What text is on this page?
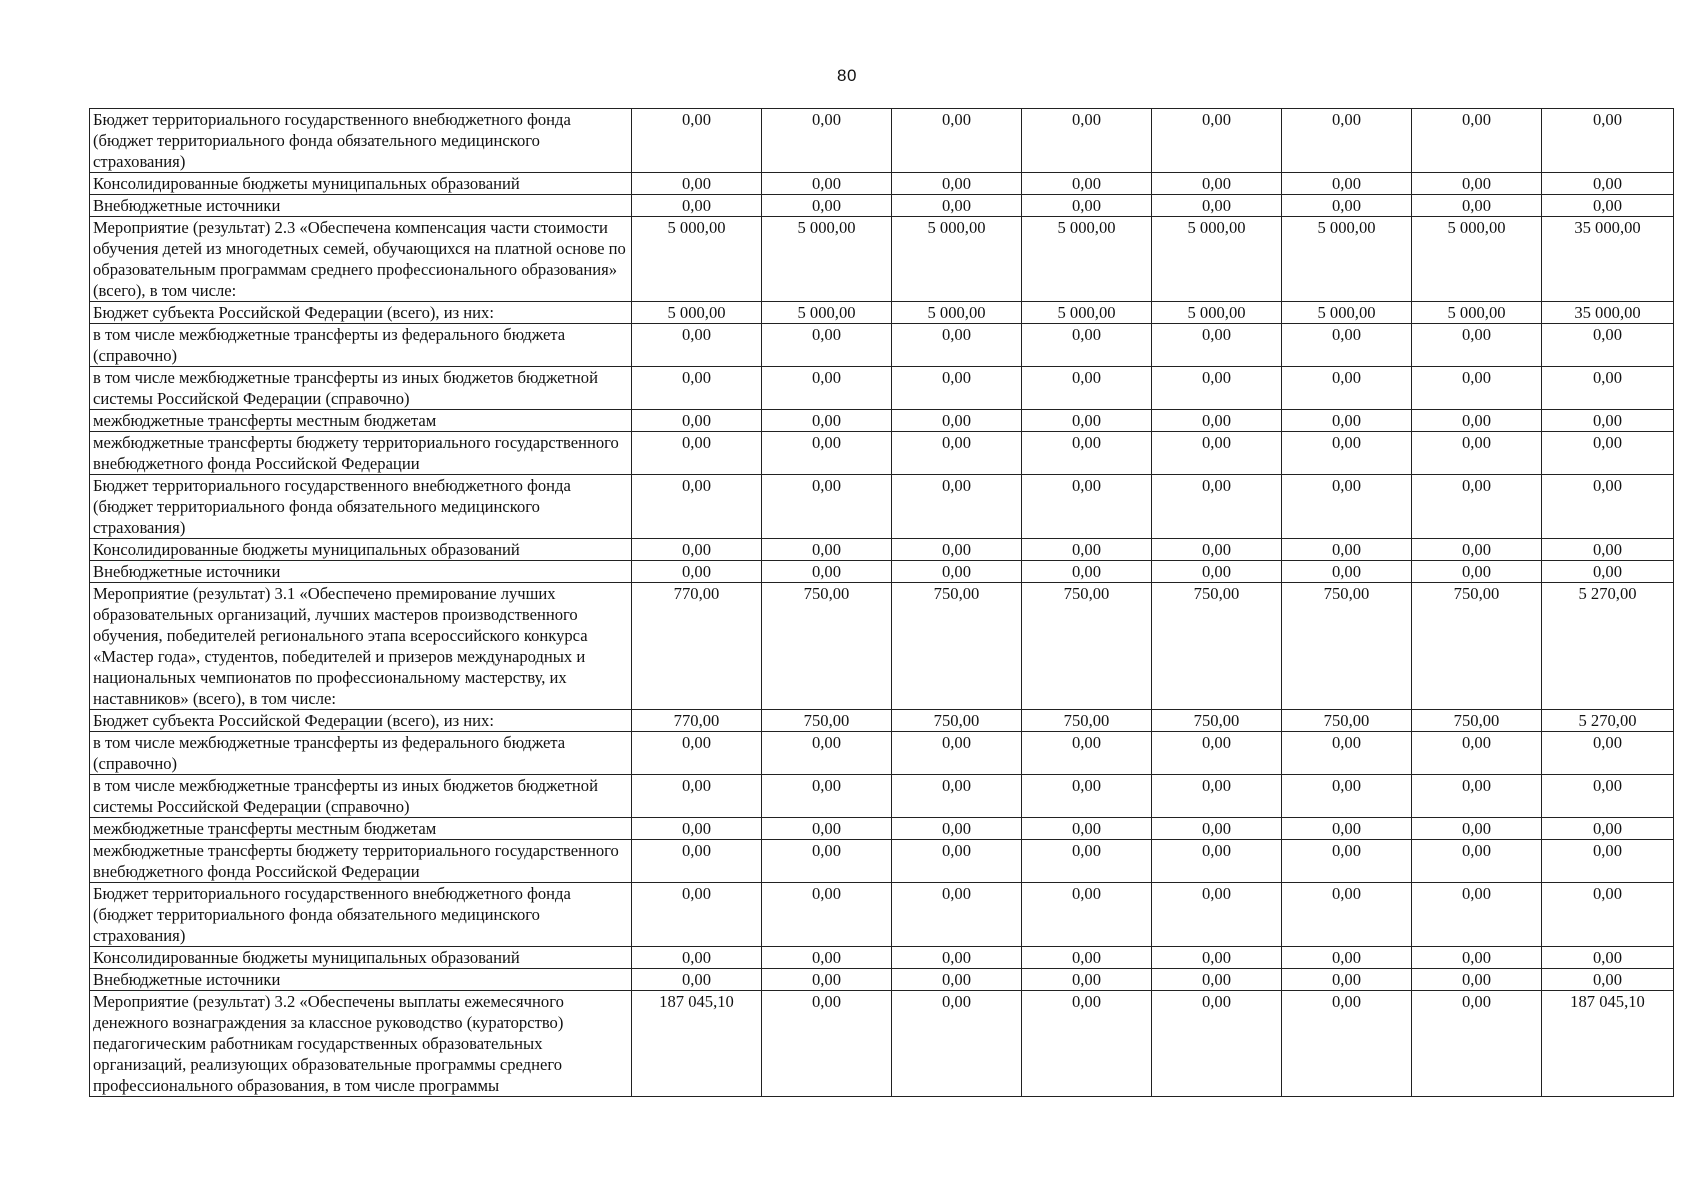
80
Бюджет территориального государственного внебюджетного фонда (бюджет территориального фонда обязательного медицинского страхования)	0,00	0,00	0,00	0,00	0,00	0,00	0,00	0,00
Консолидированные бюджеты муниципальных образований	0,00	0,00	0,00	0,00	0,00	0,00	0,00	0,00
Внебюджетные источники	0,00	0,00	0,00	0,00	0,00	0,00	0,00	0,00
Мероприятие (результат) 2.3 «Обеспечена компенсация части стоимости обучения детей из многодетных семей, обучающихся на платной основе по образовательным программам среднего профессионального образования» (всего), в том числе:	5 000,00	5 000,00	5 000,00	5 000,00	5 000,00	5 000,00	5 000,00	35 000,00
Бюджет субъекта Российской Федерации (всего), из них:	5 000,00	5 000,00	5 000,00	5 000,00	5 000,00	5 000,00	5 000,00	35 000,00
в том числе межбюджетные трансферты из федерального бюджета (справочно)	0,00	0,00	0,00	0,00	0,00	0,00	0,00	0,00
в том числе межбюджетные трансферты из иных бюджетов бюджетной системы Российской Федерации (справочно)	0,00	0,00	0,00	0,00	0,00	0,00	0,00	0,00
межбюджетные трансферты местным бюджетам	0,00	0,00	0,00	0,00	0,00	0,00	0,00	0,00
межбюджетные трансферты бюджету территориального государственного внебюджетного фонда Российской Федерации	0,00	0,00	0,00	0,00	0,00	0,00	0,00	0,00
Бюджет территориального государственного внебюджетного фонда (бюджет территориального фонда обязательного медицинского страхования)	0,00	0,00	0,00	0,00	0,00	0,00	0,00	0,00
Консолидированные бюджеты муниципальных образований	0,00	0,00	0,00	0,00	0,00	0,00	0,00	0,00
Внебюджетные источники	0,00	0,00	0,00	0,00	0,00	0,00	0,00	0,00
Мероприятие (результат) 3.1 «Обеспечено премирование лучших образовательных организаций, лучших мастеров производственного обучения, победителей регионального этапа всероссийского конкурса «Мастер года», студентов, победителей и призеров международных и национальных чемпионатов по профессиональному мастерству, их наставников» (всего), в том числе:	770,00	750,00	750,00	750,00	750,00	750,00	750,00	5 270,00
Бюджет субъекта Российской Федерации (всего), из них:	770,00	750,00	750,00	750,00	750,00	750,00	750,00	5 270,00
в том числе межбюджетные трансферты из федерального бюджета (справочно)	0,00	0,00	0,00	0,00	0,00	0,00	0,00	0,00
в том числе межбюджетные трансферты из иных бюджетов бюджетной системы Российской Федерации (справочно)	0,00	0,00	0,00	0,00	0,00	0,00	0,00	0,00
межбюджетные трансферты местным бюджетам	0,00	0,00	0,00	0,00	0,00	0,00	0,00	0,00
межбюджетные трансферты бюджету территориального государственного внебюджетного фонда Российской Федерации	0,00	0,00	0,00	0,00	0,00	0,00	0,00	0,00
Бюджет территориального государственного внебюджетного фонда (бюджет территориального фонда обязательного медицинского страхования)	0,00	0,00	0,00	0,00	0,00	0,00	0,00	0,00
Консолидированные бюджеты муниципальных образований	0,00	0,00	0,00	0,00	0,00	0,00	0,00	0,00
Внебюджетные источники	0,00	0,00	0,00	0,00	0,00	0,00	0,00	0,00
Мероприятие (результат) 3.2 «Обеспечены выплаты ежемесячного денежного вознаграждения за классное руководство (кураторство) педагогическим работникам государственных образовательных организаций, реализующих образовательные программы среднего профессионального образования, в том числе программы	187 045,10	0,00	0,00	0,00	0,00	0,00	0,00	187 045,10
